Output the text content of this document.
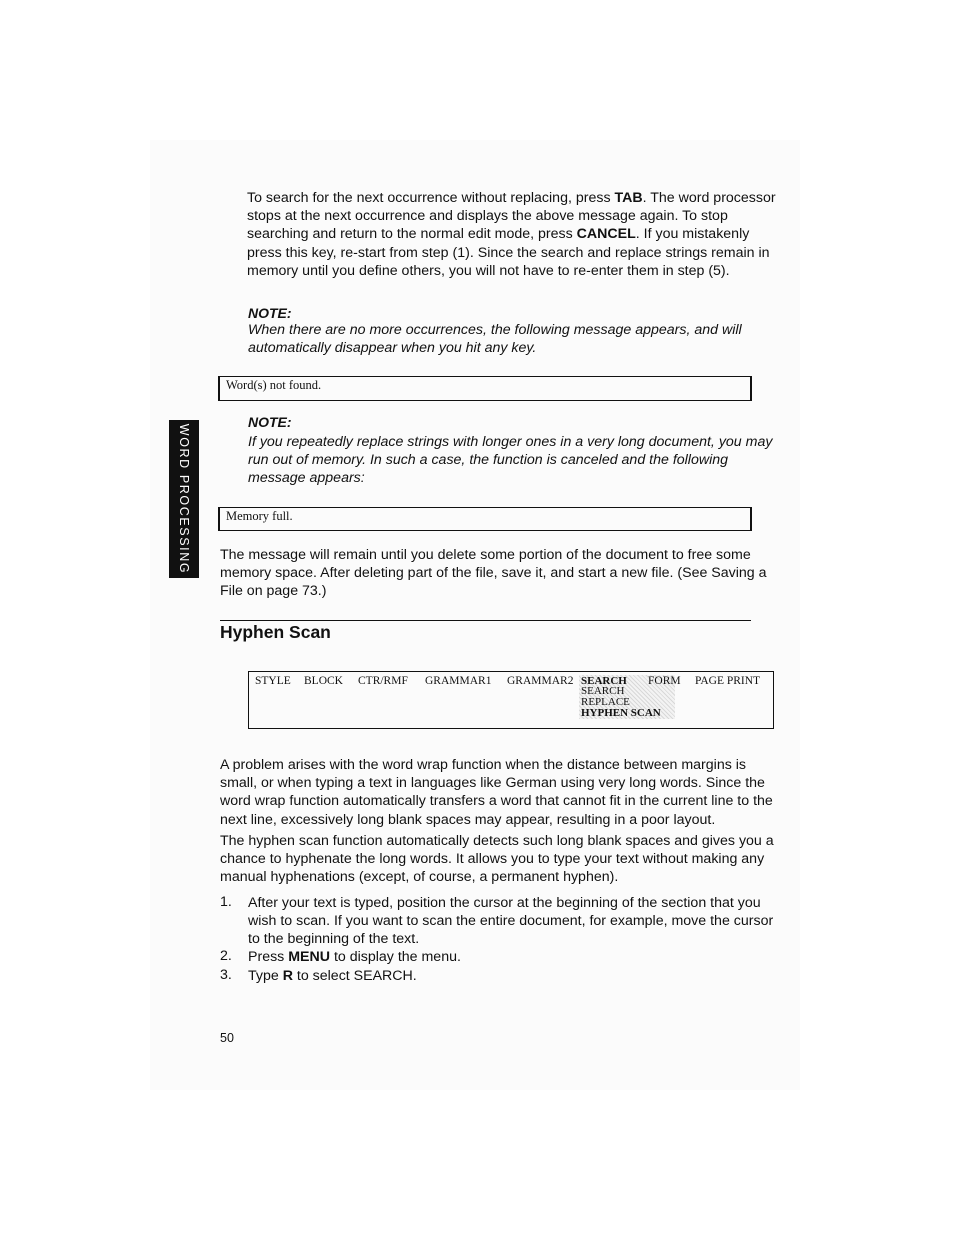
To search for the next occurrence without replacing, press TAB. The word processor stops at the next occurrence and displays the above message again. To stop searching and return to the normal edit mode, press CANCEL. If you mistakenly press this key, re-start from step (1). Since the search and replace strings remain in memory until you define others, you will not have to re-enter them in step (5).

NOTE:

When there are no more occurrences, the following message appears, and will automatically disappear when you hit any key.

Word(s) not found.
WORD PROCESSING

NOTE:

If you repeatedly replace strings with longer ones in a very long document, you may run out of memory. In such a case, the function is canceled and the following message appears:

Memory full.

The message will remain until you delete some portion of the document to free some memory space. After deleting part of the file, save it, and start a new file. (See Saving a File on page 73.)

Hyphen Scan
STYLE BLOCK CTR/RMF GRAMMAR1 GRAMMAR2 SEARCH
SEARCH
REPLACE
HYPHEN SCAN
FORM PAGE PRINT

A problem arises with the word wrap function when the distance between margins is small, or when typing a text in languages like German using very long words. Since the word wrap function automatically transfers a word that cannot fit in the current line to the next line, excessively long blank spaces may appear, resulting in a poor layout.

The hyphen scan function automatically detects such long blank spaces and gives you a chance to hyphenate the long words. It allows you to type your text without making any manual hyphenations (except, of course, a permanent hyphen).

1. After your text is typed, position the cursor at the beginning of the section that you wish to scan. If you want to scan the entire document, for example, move the cursor to the beginning of the text.

2. Press MENU to display the menu.

3. Type R to select SEARCH.

50
